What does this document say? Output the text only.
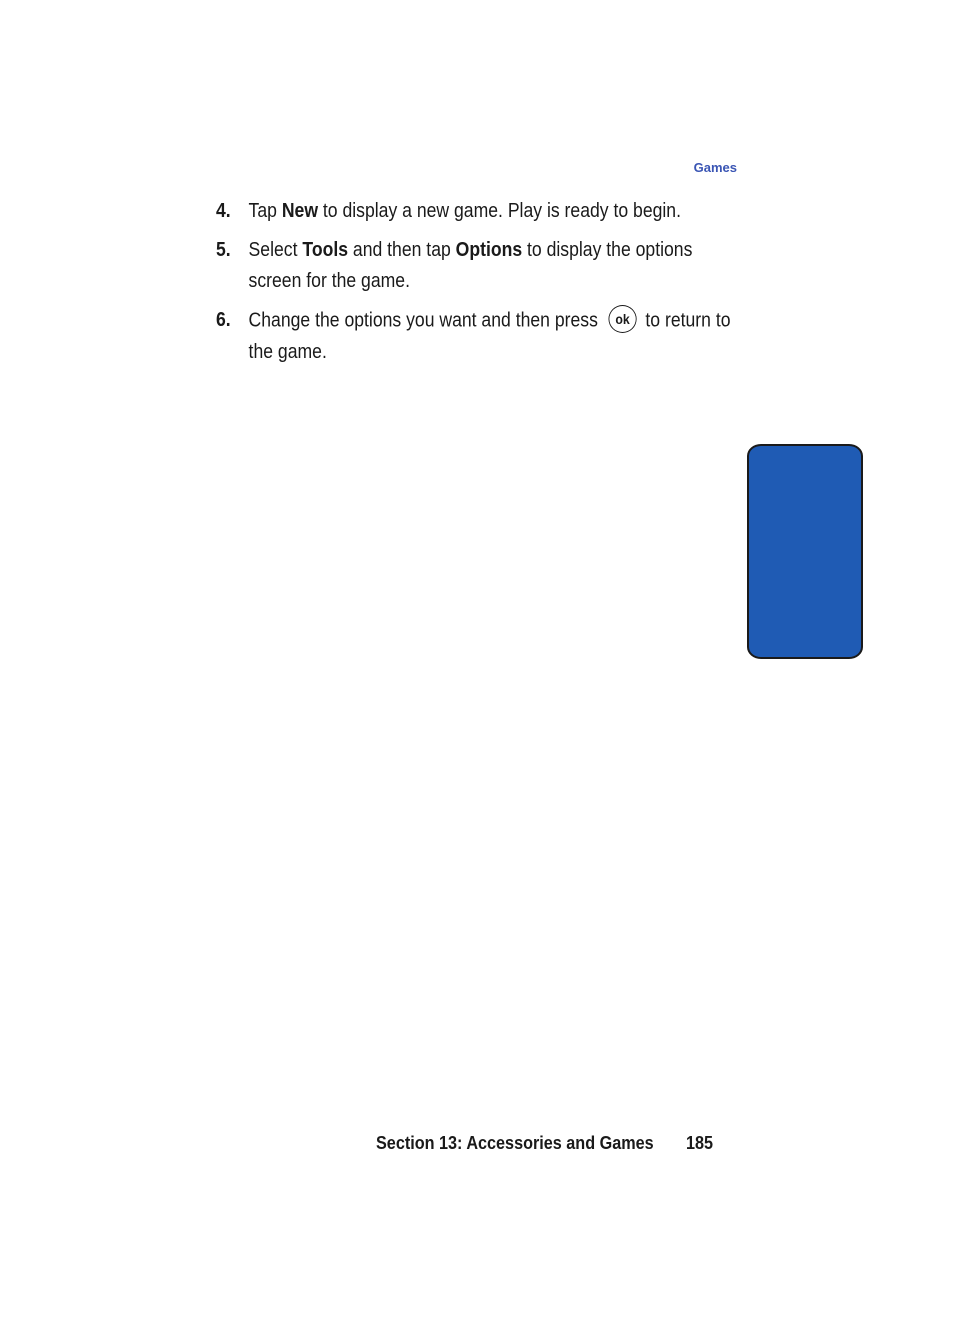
Games
4. Tap New to display a new game. Play is ready to begin.
5. Select Tools and then tap Options to display the options screen for the game.
6. Change the options you want and then press ok to return to the game.
Section 13
Section 13: Accessories and Games 185
